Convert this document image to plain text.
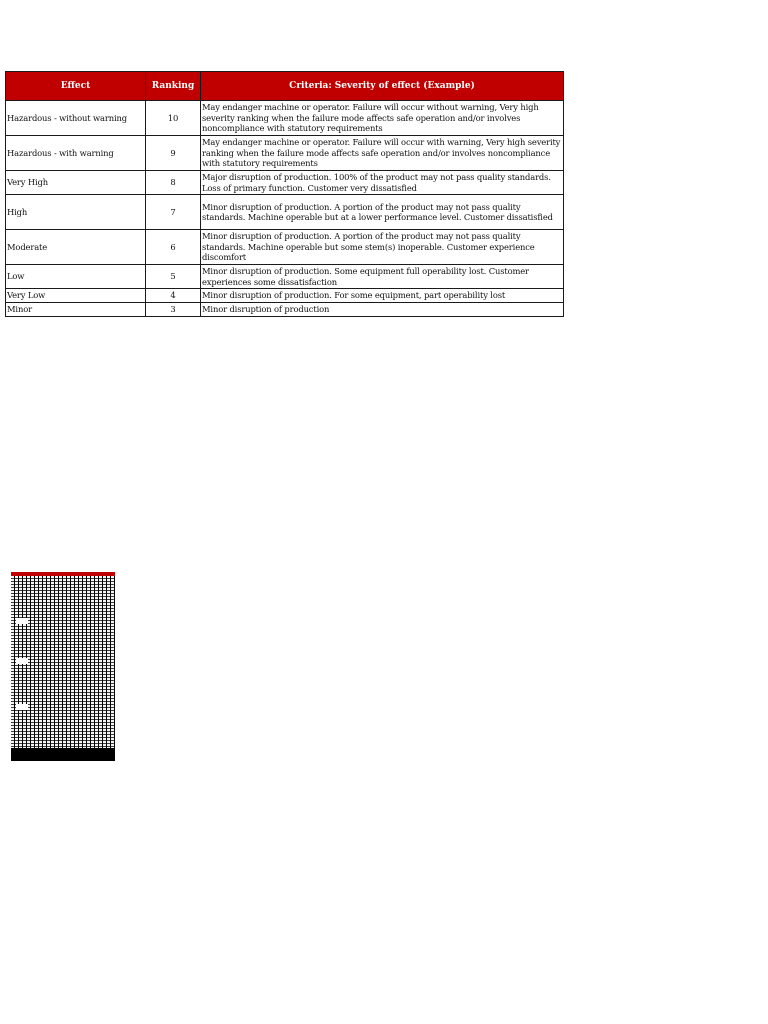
Effect	Ranking	Criteria: Severity of effect (Example)
Hazardous - without warning	10	May endanger machine or operator. Failure will occur without warning, Very high severity ranking when the failure mode affects safe operation and/or involves noncompliance with statutory requirements
Hazardous - with warning	9	May endanger machine or operator. Failure will occur with warning, Very high severity ranking when the failure mode affects safe operation and/or involves noncompliance with statutory requirements
Very High	8	Major disruption of production. 100% of the product may not pass quality standards. Loss of primary function. Customer very dissatisfied
High	7	Minor disruption of production. A portion of the product may not pass quality standards. Machine operable but at a lower performance level. Customer dissatisfied
Moderate	6	Minor disruption of production. A portion of the product may not pass quality standards. Machine operable but some stem(s) inoperable. Customer experience discomfort
Low	5	Minor disruption of production. Some equipment full operability lost. Customer experiences some dissatisfaction
Very Low	4	Minor disruption of production. For some equipment, part operability lost
Minor	3	Minor disruption of production
